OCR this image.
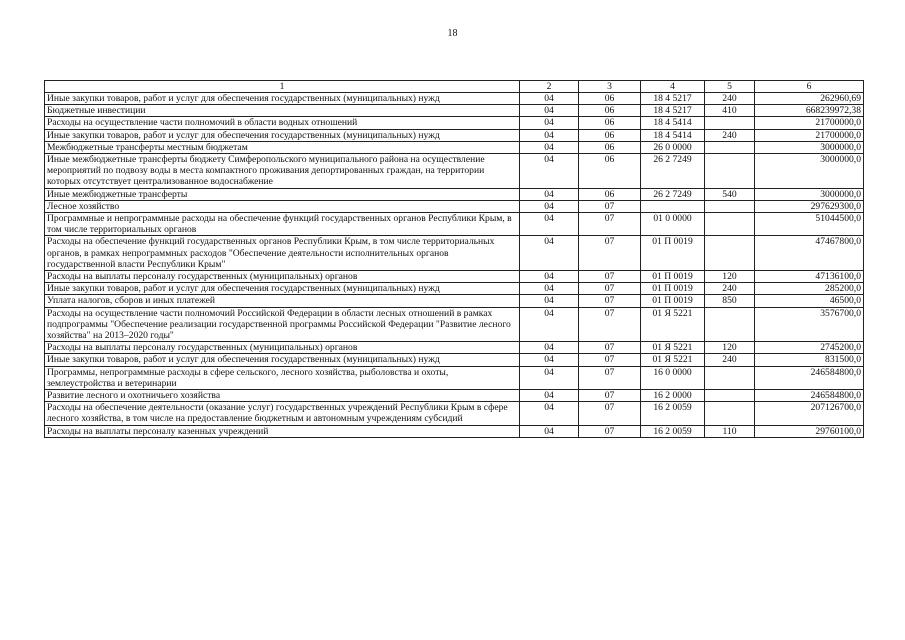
18
1	2	3	4	5	6
Иные закупки товаров, работ и услуг для обеспечения государственных (муниципальных) нужд	04	06	18 4 5217	240	262960,69
Бюджетные инвестиции	04	06	18 4 5217	410	668239972,38
Расходы на осуществление части полномочий в области водных отношений	04	06	18 4 5414		21700000,0
Иные закупки товаров, работ и услуг для обеспечения государственных (муниципальных) нужд	04	06	18 4 5414	240	21700000,0
Межбюджетные трансферты местным бюджетам	04	06	26 0 0000		3000000,0
Иные межбюджетные трансферты бюджету Симферопольского муниципального района на осуществление мероприятий по подвозу воды в места компактного проживания депортированных граждан, на территории которых отсутствует централизованное водоснабжение	04	06	26 2 7249		3000000,0
Иные межбюджетные трансферты	04	06	26 2 7249	540	3000000,0
Лесное хозяйство	04	07			297629300,0
Программные и непрограммные расходы на обеспечение функций государственных органов Республики Крым, в том числе территориальных органов	04	07	01 0 0000		51044500,0
Расходы на обеспечение функций государственных органов Республики Крым, в том числе территориальных органов, в рамках непрограммных расходов "Обеспечение деятельности исполнительных органов государственной власти Республики Крым"	04	07	01 П 0019		47467800,0
Расходы на выплаты персоналу государственных (муниципальных) органов	04	07	01 П 0019	120	47136100,0
Иные закупки товаров, работ и услуг для обеспечения государственных (муниципальных) нужд	04	07	01 П 0019	240	285200,0
Уплата налогов, сборов и иных платежей	04	07	01 П 0019	850	46500,0
Расходы на осуществление части полномочий Российской Федерации в области лесных отношений в рамках подпрограммы "Обеспечение реализации государственной программы Российской Федерации "Развитие лесного хозяйства" на 2013–2020 годы"	04	07	01 Я 5221		3576700,0
Расходы на выплаты персоналу государственных (муниципальных) органов	04	07	01 Я 5221	120	2745200,0
Иные закупки товаров, работ и услуг для обеспечения государственных (муниципальных) нужд	04	07	01 Я 5221	240	831500,0
Программы, непрограммные расходы в сфере сельского, лесного хозяйства, рыболовства и охоты, землеустройства и ветеринарии	04	07	16 0 0000		246584800,0
Развитие лесного и охотничьего хозяйства	04	07	16 2 0000		246584800,0
Расходы на обеспечение деятельности (оказание услуг) государственных учреждений Республики Крым в сфере лесного хозяйства, в том числе на предоставление бюджетным и автономным учреждениям субсидий	04	07	16 2 0059		207126700,0
Расходы на выплаты персоналу казенных учреждений	04	07	16 2 0059	110	29760100,0
